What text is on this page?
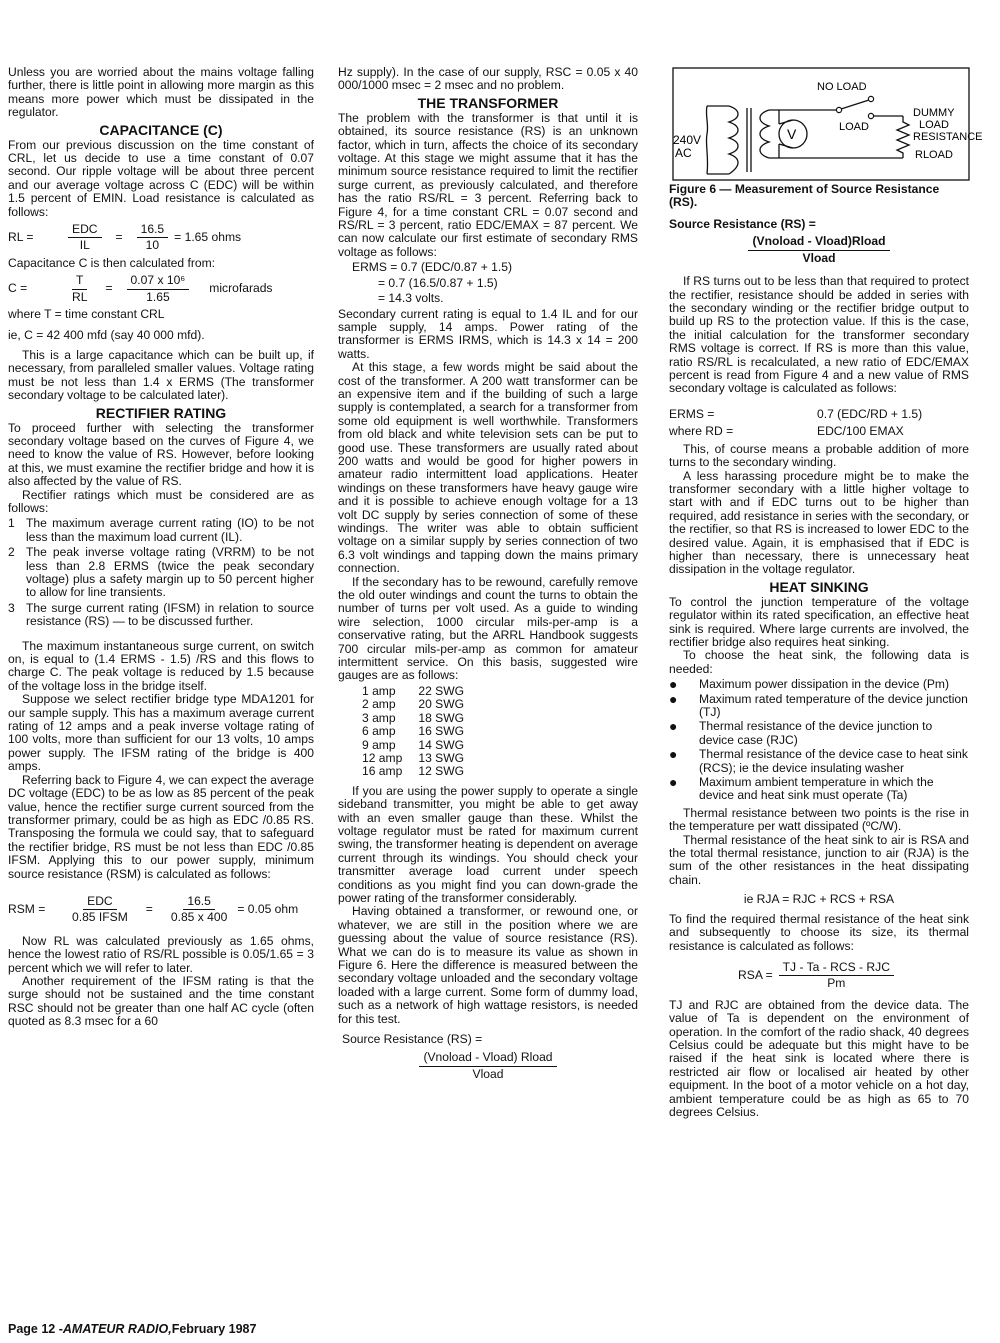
Unless you are worried about the mains voltage falling further, there is little point in allowing more margin as this means more power which must be dissipated in the regulator.

CAPACITANCE (C)

From our previous discussion on the time constant of CRL, let us decide to use a time constant of 0.07 second. Our ripple voltage will be about three percent and our average voltage across C (EDC) will be within 1.5 percent of EMIN. Load resistance is calculated as follows:

RL =	$\frac{\text{EDC}}{IL} = \frac{16.5}{10} = 1.65$ ohms

Capacitance C is then calculated from:

C =	$\frac{T}{RL} = \frac{\text{0.07 x 10⁶}}{1.65}$ microfarads

where T = time constant CRL

ie, C = 42 400 mfd (say 40 000 mfd).

This is a large capacitance which can be built up, if necessary, from paralleled smaller values. Voltage rating must be not less than 1.4 x ERMS (The transformer secondary voltage to be calculated later).

RECTIFIER RATING

To proceed further with selecting the transformer secondary voltage based on the curves of Figure 4, we need to know the value of RS. However, before looking at this, we must examine the rectifier bridge and how it is also affected by the value of RS.

Rectifier ratings which must be considered are as follows:

1 The maximum average current rating (IO) to be not less than the maximum load current (IL).
2 The peak inverse voltage rating (VRRM) to be not less than 2.8 ERMS (twice the peak secondary voltage) plus a safety margin up to 50 percent higher to allow for line transients.
3 The surge current rating (IFSM) in relation to source resistance (RS) — to be discussed further.

The maximum instantaneous surge current, on switch on, is equal to (1.4 ERMS - 1.5) /RS and this flows to charge C. The peak voltage is reduced by 1.5 because of the voltage loss in the bridge itself.

Suppose we select rectifier bridge type MDA1201 for our sample supply. This has a maximum average current rating of 12 amps and a peak inverse voltage rating of 100 volts, more than sufficient for our 13 volts, 10 amps power supply. The IFSM rating of the bridge is 400 amps.

Referring back to Figure 4, we can expect the average DC voltage (EDC) to be as low as 85 percent of the peak value, hence the rectifier surge current sourced from the transformer primary, could be as high as EDC /0.85 RS. Transposing the formula we could say, that to safeguard the rectifier bridge, RS must be not less than EDC /0.85 IFSM. Applying this to our power supply, minimum source resistance (RSM) is calculated as follows:

RSM =	$\frac{\text{EDC}}{\text{0.85 IFSM}} = \frac{16.5}{0.85 x 400} = 0.05$ ohm

Now RL was calculated previously as 1.65 ohms, hence the lowest ratio of RS/RL possible is 0.05/1.65 = 3 percent which we will refer to later.

Another requirement of the IFSM rating is that the surge should not be sustained and the time constant RSC should not be greater than one half AC cycle (often quoted as 8.3 msec for a 60

Hz supply). In the case of our supply, RSC = 0.05 x 40 000/1000 msec = 2 msec and no problem.

THE TRANSFORMER

The problem with the transformer is that until it is obtained, its source resistance (RS) is an unknown factor, which in turn, affects the choice of its secondary voltage. At this stage we might assume that it has the minimum source resistance required to limit the rectifier surge current, as previously calculated, and therefore has the ratio RS/RL = 3 percent. Referring back to Figure 4, for a time constant CRL = 0.07 second and RS/RL = 3 percent, ratio EDC/EMAX = 87 percent. We can now calculate our first estimate of secondary RMS voltage as follows:

ERMS = 0.7 (EDC/0.87 + 1.5)
= 0.7 (16.5/0.87 + 1.5)
= 14.3 volts.

Secondary current rating is equal to 1.4 IL and for our sample supply, 14 amps. Power rating of the transformer is ERMS IRMS, which is 14.3 x 14 = 200 watts.

At this stage, a few words might be said about the cost of the transformer. A 200 watt transformer can be an expensive item and if the building of such a large supply is contemplated, a search for a transformer from some old equipment is well worthwhile. Transformers from old black and white television sets can be put to good use. These transformers are usually rated about 200 watts and would be good for higher powers in amateur radio intermittent load applications. Heater windings on these transformers have heavy gauge wire and it is possible to achieve enough voltage for a 13 volt DC supply by series connection of some of these windings. The writer was able to obtain sufficient voltage on a similar supply by series connection of two 6.3 volt windings and tapping down the mains primary connection.

If the secondary has to be rewound, carefully remove the old outer windings and count the turns to obtain the number of turns per volt used. As a guide to winding wire selection, 1000 circular mils-per-amp is a conservative rating, but the ARRL Handbook suggests 700 circular mils-per-amp as common for amateur intermittent service. On this basis, suggested wire gauges are as follows:

1 amp	22 SWG
2 amp	20 SWG
3 amp	18 SWG
6 amp	16 SWG
9 amp	14 SWG
12 amp	13 SWG
16 amp	12 SWG

If you are using the power supply to operate a single sideband transmitter, you might be able to get away with an even smaller gauge than these. Whilst the voltage regulator must be rated for maximum current swing, the transformer heating is dependent on average current through its windings. You should check your transmitter average load current under speech conditions as you might find you can down-grade the power rating of the transformer considerably.

Having obtained a transformer, or rewound one, or whatever, we are still in the position where we are guessing about the value of source resistance (RS). What we can do is to measure its value as shown in Figure 6. Here the difference is measured between the secondary voltage unloaded and the secondary voltage loaded with a large current. Some form of dummy load, such as a network of high wattage resistors, is needed for this test.

Source Resistance (RS) =
$\frac{\text{(Vnoload - Vload) Rload}}{\text{Vload}}$
240V
AC
V
NO LOAD
LOAD
DUMMY
LOAD
RESISTANCE
RLOAD
Figure 6 — Measurement of Source Resistance (RS).
Source Resistance (RS) =
$\frac{\text{(Vnoload - Vload)Rload}}{\text{Vload}}$

If RS turns out to be less than that required to protect the rectifier, resistance should be added in series with the secondary winding or the rectifier bridge output to build up RS to the protection value. If this is the case, the initial calculation for the transformer secondary RMS voltage is correct. If RS is more than this value, ratio RS/RL is recalculated, a new ratio of EDC/EMAX percent is read from Figure 4 and a new value of RMS secondary voltage is calculated as follows:

ERMS =	0.7 (EDC/RD + 1.5)
where RD =	EDC/100 EMAX

This, of course means a probable addition of more turns to the secondary winding.

A less harassing procedure might be to make the transformer secondary with a little higher voltage to start with and if EDC turns out to be higher than required, add resistance in series with the secondary, or the rectifier, so that RS is increased to lower EDC to the desired value. Again, it is emphasised that if EDC is higher than necessary, there is unnecessary heat dissipation in the voltage regulator.

HEAT SINKING

To control the junction temperature of the voltage regulator within its rated specification, an effective heat sink is required. Where large currents are involved, the rectifier bridge also requires heat sinking.

To choose the heat sink, the following data is needed:

●	Maximum power dissipation in the device (Pm)
●	Maximum rated temperature of the device junction (TJ)
●	Thermal resistance of the device junction to device case (RJC)
●	Thermal resistance of the device case to heat sink (RCS); ie the device insulating washer
●	Maximum ambient temperature in which the device and heat sink must operate (Ta)

Thermal resistance between two points is the rise in the temperature per watt dissipated (ºC/W).

Thermal resistance of the heat sink to air is RSA and the total thermal resistance, junction to air (RJA) is the sum of the other resistances in the heat dissipating chain.

ie RJA = RJC + RCS + RSA

To find the required thermal resistance of the heat sink and subsequently to choose its size, its thermal resistance is calculated as follows:

RSA = $\frac{\text{TJ - Ta - RCS - RJC}}{Pm}$

TJ and RJC are obtained from the device data. The value of Ta is dependent on the environment of operation. In the comfort of the radio shack, 40 degrees Celsius could be adequate but this might have to be raised if the heat sink is located where there is restricted air flow or localised air heated by other equipment. In the boot of a motor vehicle on a hot day, ambient temperature could be as high as 65 to 70 degrees Celsius.

Page 12 -AMATEUR RADIO,February 1987
